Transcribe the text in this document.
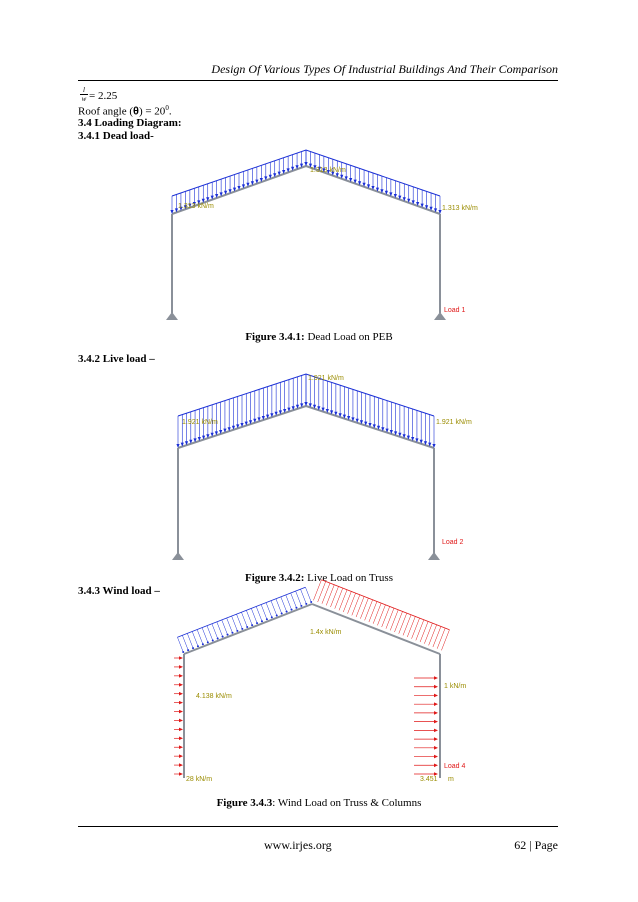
Design Of Various Types Of Industrial Buildings And Their Comparison
$\frac{l}{w} = 2.25$
Roof angle $(\theta) = 20^0$.
3.4 Loading Diagram:
3.4.1 Dead load-
1.313 kN/m
1.313 kN/m
1.313 kN/m
Load 1
Figure 3.4.1: Dead Load on PEB
3.4.2 Live load –
1.921 kN/m
1.921 kN/m
1.921 kN/m
Load 2
Figure 3.4.2: Live Load on Truss
3.4.3 Wind load –
4.138 kN/m
1.4x kN/m
1 kN/m
28 kN/m	3.451 m
Load 4
Figure 3.4.3: Wind Load on Truss & Columns
www.irjes.org	62 | Page
